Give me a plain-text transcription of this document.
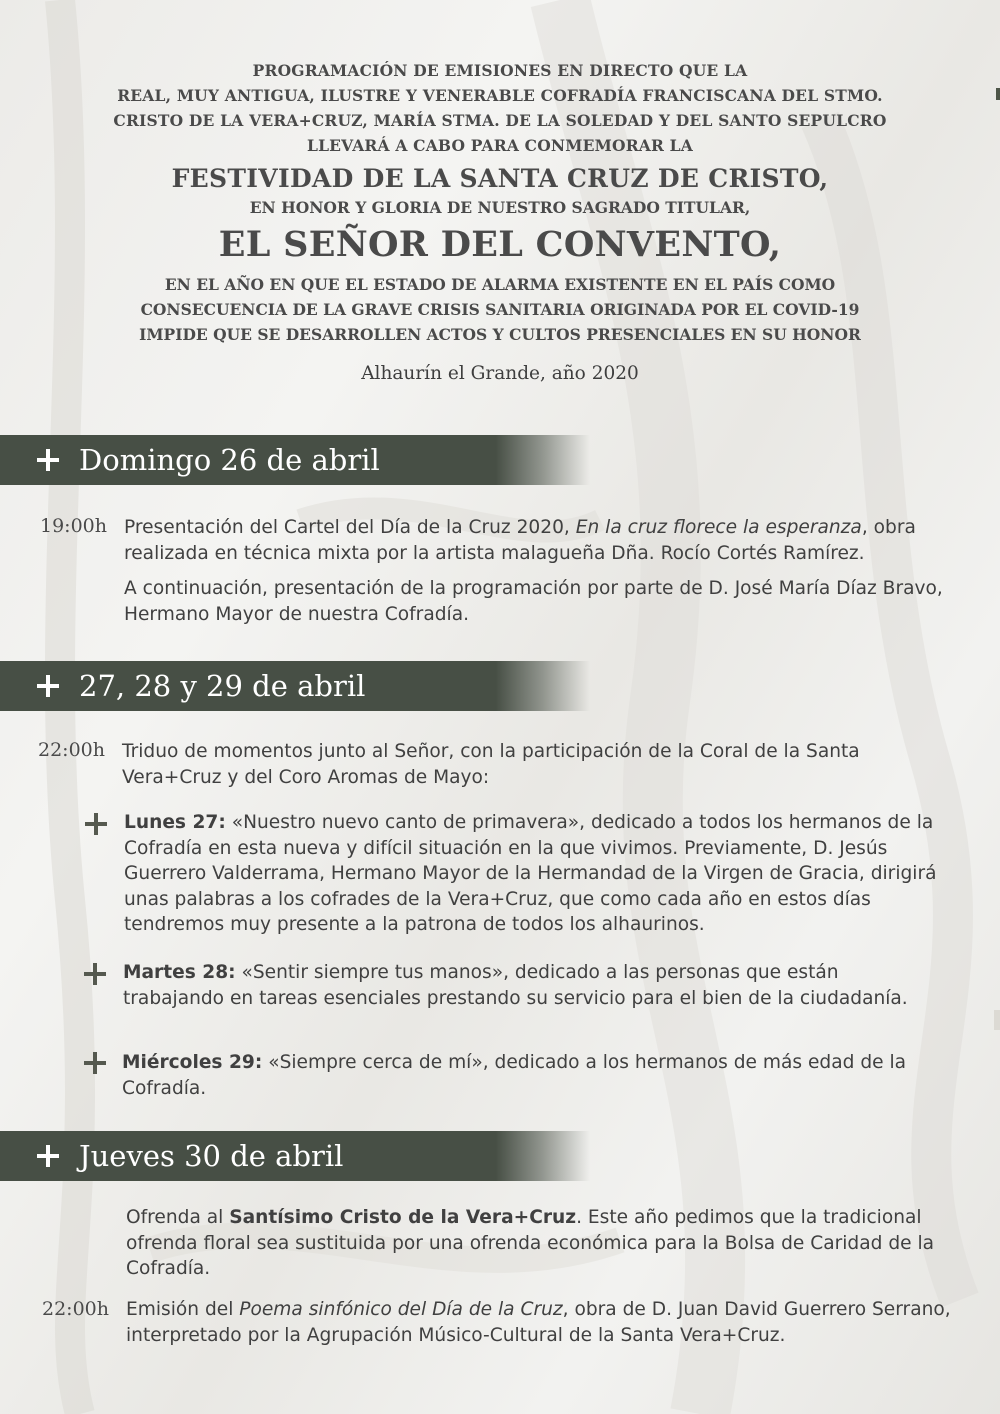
PROGRAMACIÓN DE EMISIONES EN DIRECTO QUE LA
REAL, MUY ANTIGUA, ILUSTRE Y VENERABLE COFRADÍA FRANCISCANA DEL STMO.
CRISTO DE LA VERA+CRUZ, MARÍA STMA. DE LA SOLEDAD Y DEL SANTO SEPULCRO
LLEVARÁ A CABO PARA CONMEMORAR LA
FESTIVIDAD DE LA SANTA CRUZ DE CRISTO,
EN HONOR Y GLORIA DE NUESTRO SAGRADO TITULAR,
EL SEÑOR DEL CONVENTO,
EN EL AÑO EN QUE EL ESTADO DE ALARMA EXISTENTE EN EL PAÍS COMO
CONSECUENCIA DE LA GRAVE CRISIS SANITARIA ORIGINADA POR EL COVID-19
IMPIDE QUE SE DESARROLLEN ACTOS Y CULTOS PRESENCIALES EN SU HONOR
Alhaurín el Grande, año 2020
Domingo 26 de abril
19:00h Presentación del Cartel del Día de la Cruz 2020, En la cruz florece la esperanza, obra realizada en técnica mixta por la artista malagueña Dña. Rocío Cortés Ramírez.
A continuación, presentación de la programación por parte de D. José María Díaz Bravo, Hermano Mayor de nuestra Cofradía.
27, 28 y 29 de abril
22:00h Triduo de momentos junto al Señor, con la participación de la Coral de la Santa Vera+Cruz y del Coro Aromas de Mayo:
Lunes 27: «Nuestro nuevo canto de primavera», dedicado a todos los hermanos de la Cofradía en esta nueva y difícil situación en la que vivimos. Previamente, D. Jesús Guerrero Valderrama, Hermano Mayor de la Hermandad de la Virgen de Gracia, dirigirá unas palabras a los cofrades de la Vera+Cruz, que como cada año en estos días tendremos muy presente a la patrona de todos los alhaurinos.
Martes 28: «Sentir siempre tus manos», dedicado a las personas que están trabajando en tareas esenciales prestando su servicio para el bien de la ciudadanía.
Miércoles 29: «Siempre cerca de mí», dedicado a los hermanos de más edad de la Cofradía.
Jueves 30 de abril
Ofrenda al Santísimo Cristo de la Vera+Cruz. Este año pedimos que la tradicional ofrenda floral sea sustituida por una ofrenda económica para la Bolsa de Caridad de la Cofradía.
22:00h Emisión del Poema sinfónico del Día de la Cruz, obra de D. Juan David Guerrero Serrano, interpretado por la Agrupación Músico-Cultural de la Santa Vera+Cruz.
